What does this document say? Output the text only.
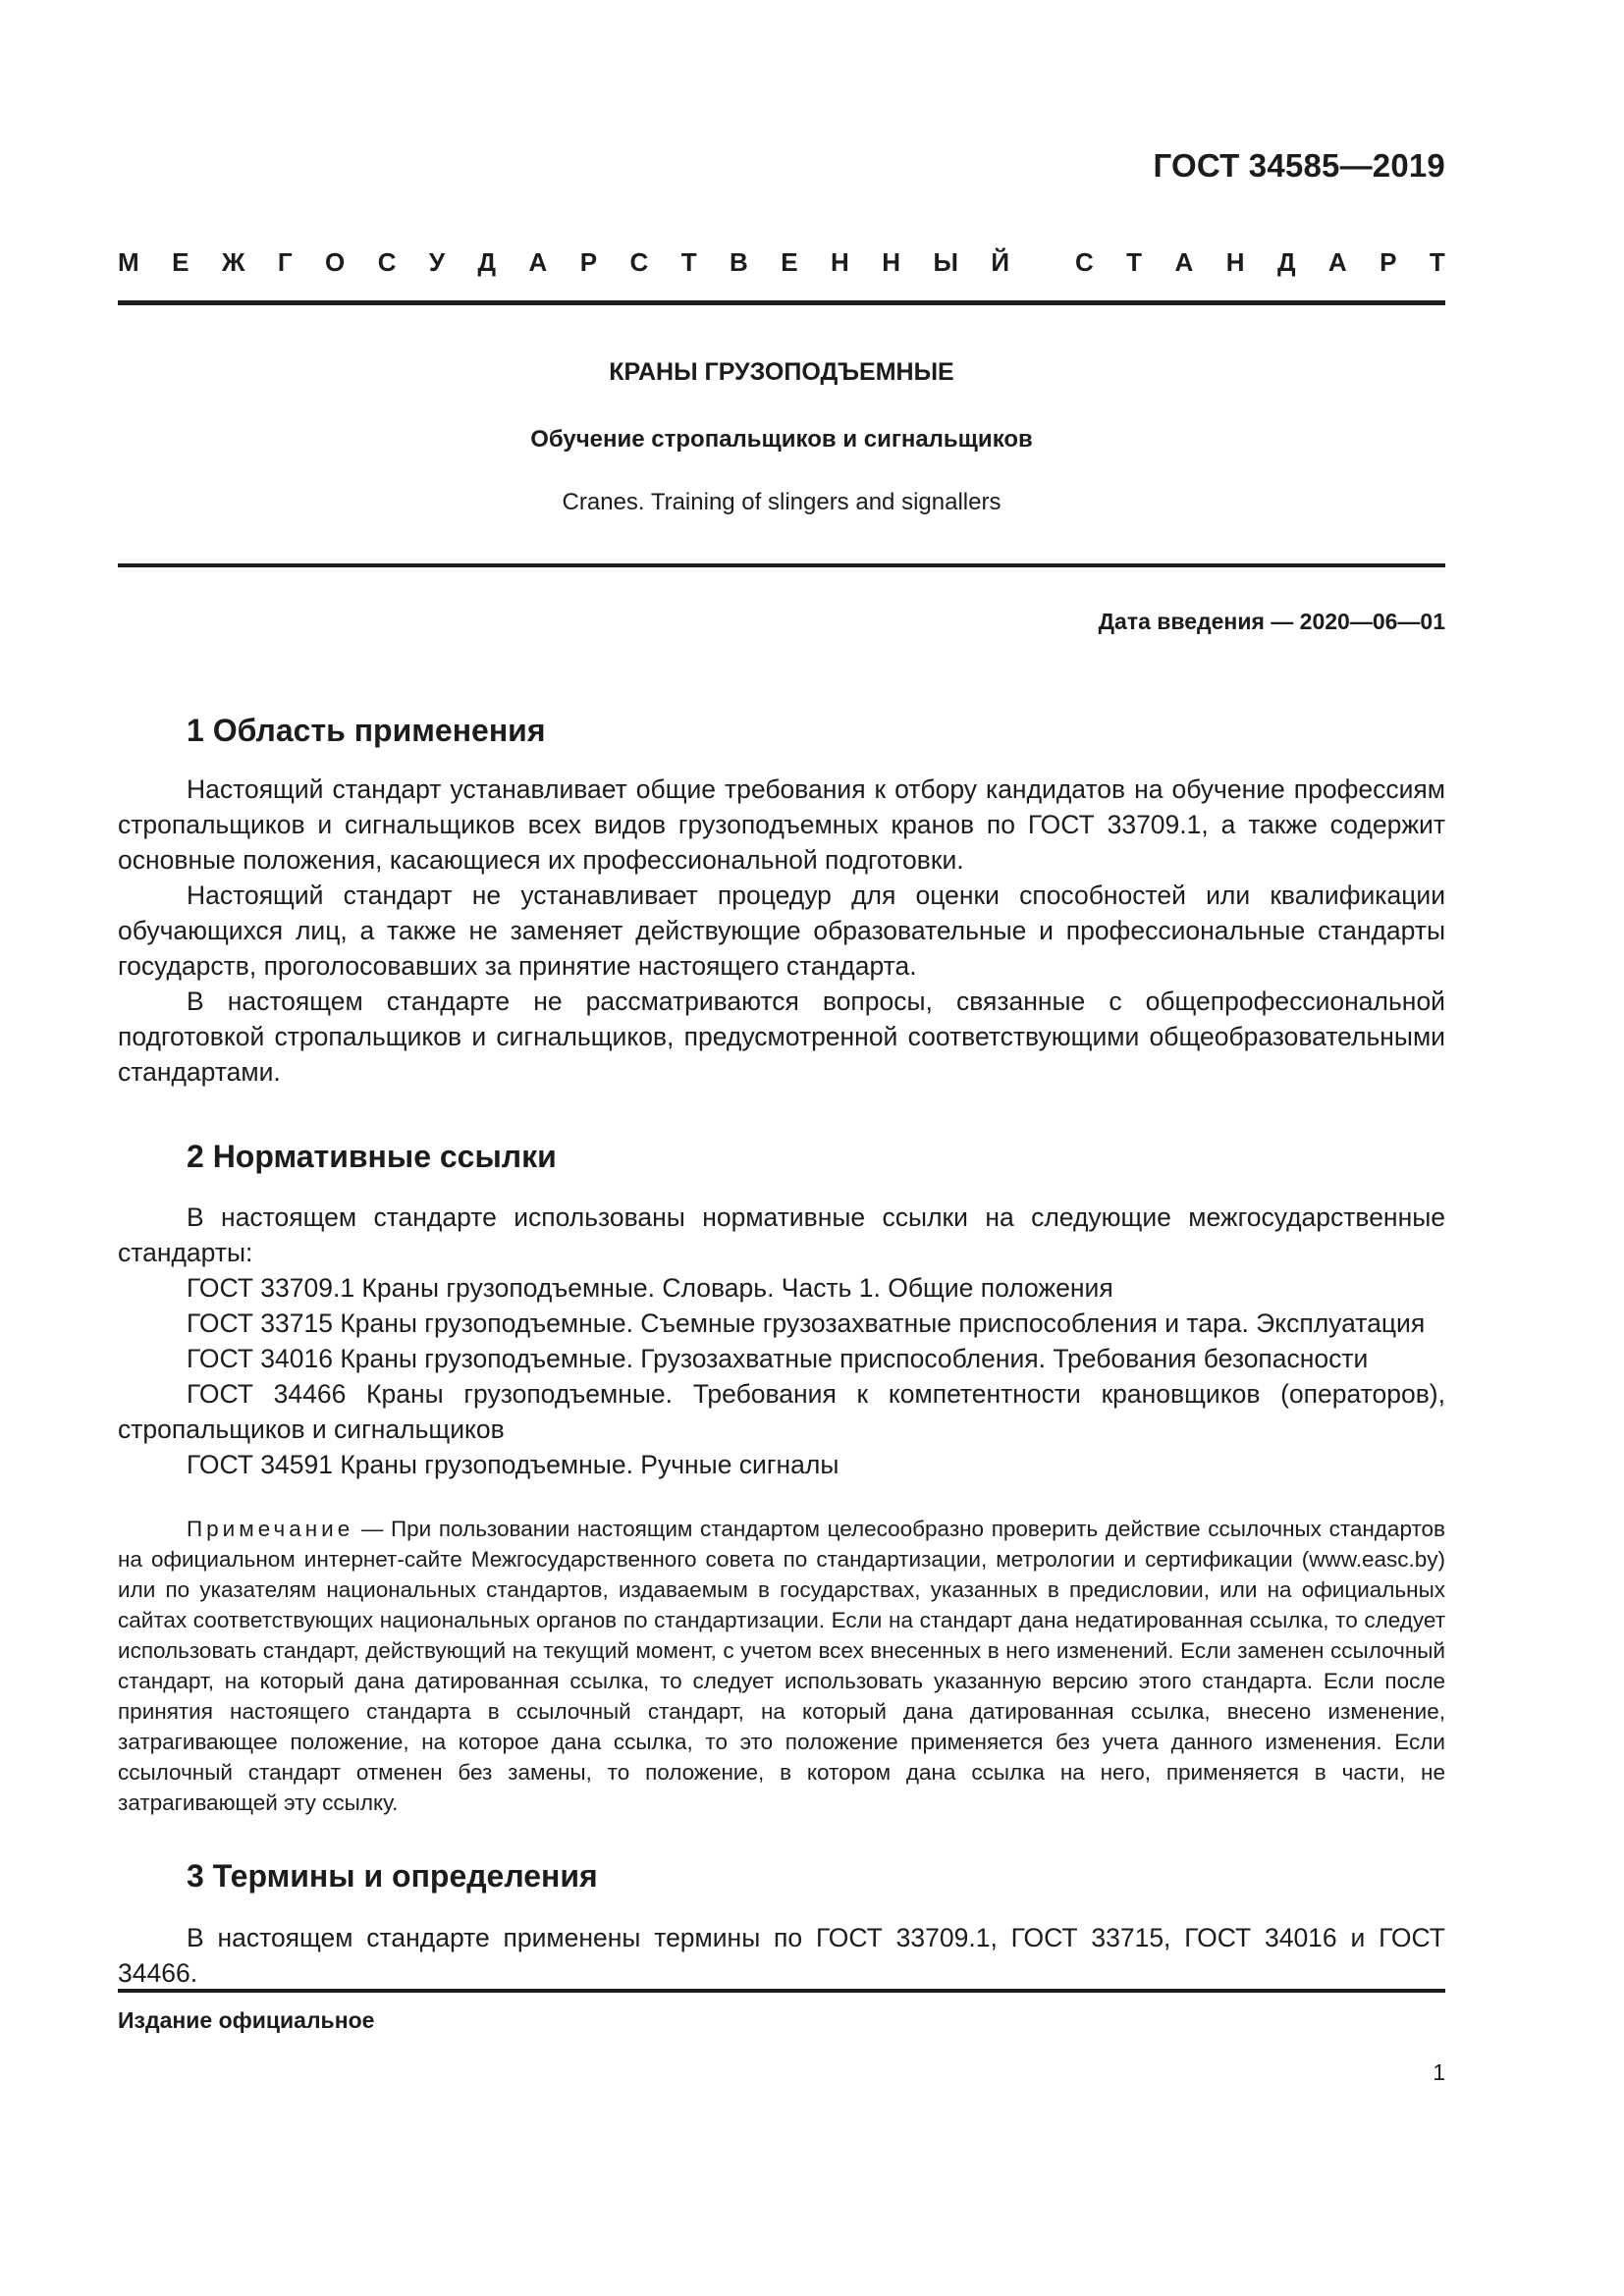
ГОСТ 34585—2019
М Е Ж Г О С У Д А Р С Т В Е Н Н Ы Й	С Т А Н Д А Р Т
КРАНЫ ГРУЗОПОДЪЕМНЫЕ
Обучение стропальщиков и сигнальщиков
Cranes. Training of slingers and signallers
Дата введения — 2020—06—01
1 Область применения

Настоящий стандарт устанавливает общие требования к отбору кандидатов на обучение профессиям стропальщиков и сигнальщиков всех видов грузоподъемных кранов по ГОСТ 33709.1, а также содержит основные положения, касающиеся их профессиональной подготовки.

Настоящий стандарт не устанавливает процедур для оценки способностей или квалификации обучающихся лиц, а также не заменяет действующие образовательные и профессиональные стандарты государств, проголосовавших за принятие настоящего стандарта.

В настоящем стандарте не рассматриваются вопросы, связанные с общепрофессиональной подготовкой стропальщиков и сигнальщиков, предусмотренной соответствующими общеобразовательными стандартами.

2 Нормативные ссылки

В настоящем стандарте использованы нормативные ссылки на следующие межгосударственные стандарты:

ГОСТ 33709.1 Краны грузоподъемные. Словарь. Часть 1. Общие положения

ГОСТ 33715 Краны грузоподъемные. Съемные грузозахватные приспособления и тара. Эксплуатация

ГОСТ 34016 Краны грузоподъемные. Грузозахватные приспособления. Требования безопасности

ГОСТ 34466 Краны грузоподъемные. Требования к компетентности крановщиков (операторов), стропальщиков и сигнальщиков

ГОСТ 34591 Краны грузоподъемные. Ручные сигналы

Примечание — При пользовании настоящим стандартом целесообразно проверить действие ссылочных стандартов на официальном интернет-сайте Межгосударственного совета по стандартизации, метрологии и сертификации (www.easc.by) или по указателям национальных стандартов, издаваемым в государствах, указанных в предисловии, или на официальных сайтах соответствующих национальных органов по стандартизации. Если на стандарт дана недатированная ссылка, то следует использовать стандарт, действующий на текущий момент, с учетом всех внесенных в него изменений. Если заменен ссылочный стандарт, на который дана датированная ссылка, то следует использовать указанную версию этого стандарта. Если после принятия настоящего стандарта в ссылочный стандарт, на который дана датированная ссылка, внесено изменение, затрагивающее положение, на которое дана ссылка, то это положение применяется без учета данного изменения. Если ссылочный стандарт отменен без замены, то положение, в котором дана ссылка на него, применяется в части, не затрагивающей эту ссылку.

3 Термины и определения

В настоящем стандарте применены термины по ГОСТ 33709.1, ГОСТ 33715, ГОСТ 34016 и ГОСТ 34466.

Издание официальное
1
